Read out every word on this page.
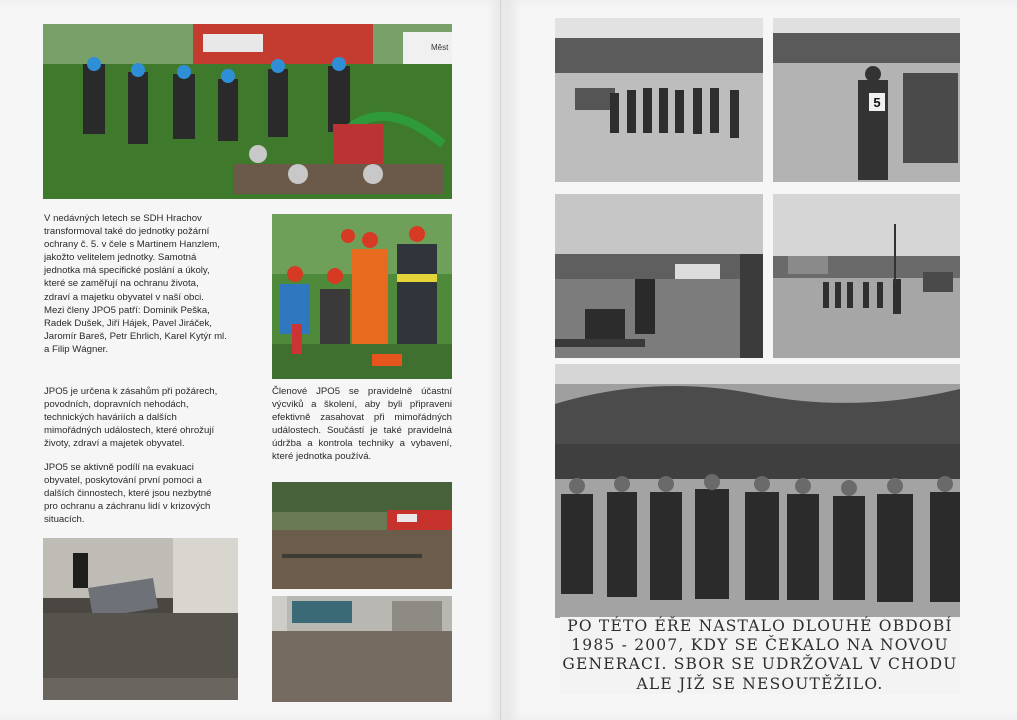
Měst

V nedávných letech se SDH Hrachov
transformoval také do jednotky požární
ochrany č. 5. v čele s Martinem Hanzlem,
jakožto velitelem jednotky. Samotná
jednotka má specifické poslání a úkoly,
které se zaměřují na ochranu života,
zdraví a majetku obyvatel v naší obci.
Mezi členy JPO5 patří: Dominik Peška,
Radek Dušek, Jiří Hájek, Pavel Jiráček,
Jaromír Bareš, Petr Ehrlich, Karel Kytýr ml.
a Filip Wágner.

JPO5 je určena k zásahům při požárech,
povodních, dopravních nehodách,
technických haváriích a dalších
mimořádných událostech, které ohrožují
životy, zdraví a majetek obyvatel.

JPO5 se aktivně podílí na evakuaci
obyvatel, poskytování první pomoci a
dalších činnostech, které jsou nezbytné
pro ochranu a záchranu lidí v krizových
situacích.

Členové JPO5 se pravidelně účastní výcviků a školení, aby byli připraveni efektivně zasahovat při mimořádných událostech. Součástí je také pravidelná údržba a kontrola techniky a vybavení, které jednotka používá.

5

PO TÉTO ÉŘE NASTALO DLOUHÉ OBDOBÍ
1985 - 2007, KDY SE ČEKALO NA NOVOU
GENERACI. SBOR SE UDRŽOVAL V CHODU
ALE JIŽ SE NESOUTĚŽILO.
